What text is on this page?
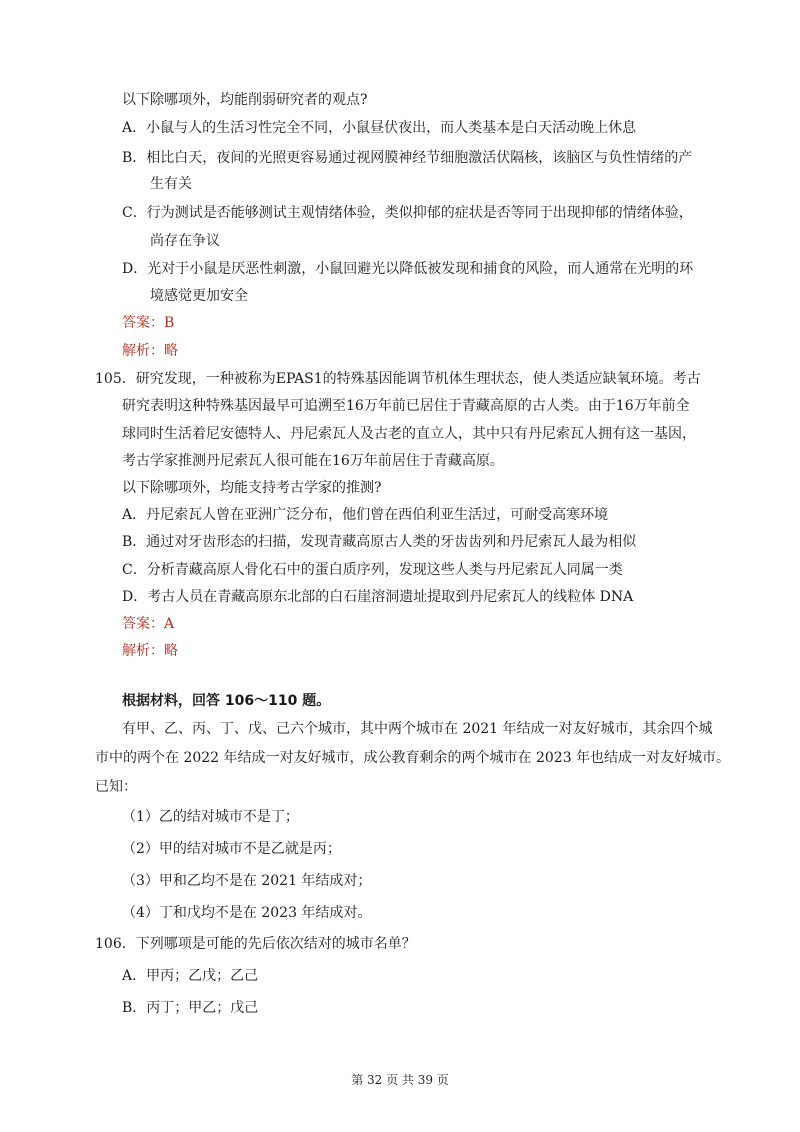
以下除哪项外，均能削弱研究者的观点?
A．小鼠与人的生活习性完全不同，小鼠昼伏夜出，而人类基本是白天活动晚上休息
B．相比白天，夜间的光照更容易通过视网膜神经节细胞激活伏隔核，该脑区与负性情绪的产
生有关
C．行为测试是否能够测试主观情绪体验，类似抑郁的症状是否等同于出现抑郁的情绪体验，
尚存在争议
D．光对于小鼠是厌恶性刺激，小鼠回避光以降低被发现和捕食的风险，而人通常在光明的环
境感觉更加安全
答案：B
解析：略
105．研究发现，一种被称为EPAS1的特殊基因能调节机体生理状态，使人类适应缺氧环境。考古
研究表明这种特殊基因最早可追溯至16万年前已居住于青藏高原的古人类。由于16万年前全
球同时生活着尼安德特人、丹尼索瓦人及古老的直立人，其中只有丹尼索瓦人拥有这一基因，
考古学家推测丹尼索瓦人很可能在16万年前居住于青藏高原。
以下除哪项外，均能支持考古学家的推测?
A．丹尼索瓦人曾在亚洲广泛分布，他们曾在西伯利亚生活过，可耐受高寒环境
B．通过对牙齿形态的扫描，发现青藏高原古人类的牙齿齿列和丹尼索瓦人最为相似
C．分析青藏高原人骨化石中的蛋白质序列，发现这些人类与丹尼索瓦人同属一类
D．考古人员在青藏高原东北部的白石崖溶洞遗址提取到丹尼索瓦人的线粒体 DNA
答案：A
解析：略
根据材料，回答 106～110 题。
有甲、乙、丙、丁、戊、己六个城市，其中两个城市在 2021 年结成一对友好城市，其余四个城
市中的两个在 2022 年结成一对友好城市，成公教育剩余的两个城市在 2023 年也结成一对友好城市。
已知：
（1）乙的结对城市不是丁；
（2）甲的结对城市不是乙就是丙；
（3）甲和乙均不是在 2021 年结成对；
（4）丁和戊均不是在 2023 年结成对。
106．下列哪项是可能的先后依次结对的城市名单？
A．甲丙；乙戊；乙己
B．丙丁；甲乙；戊己
第 32 页 共 39 页
